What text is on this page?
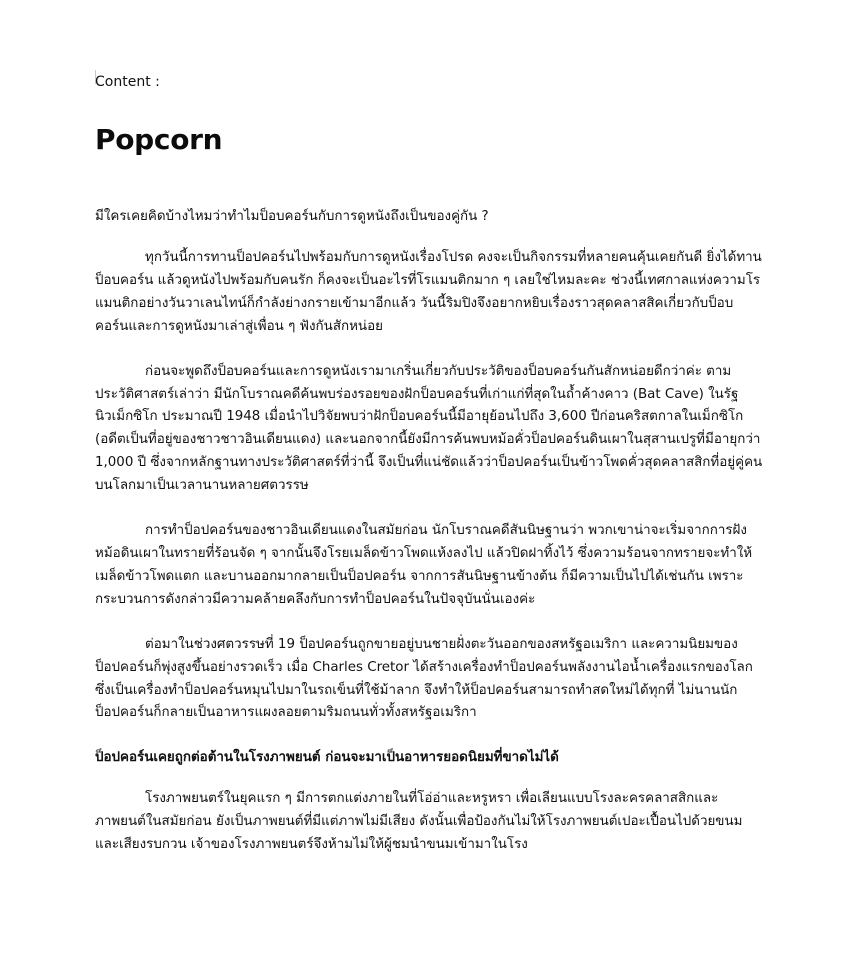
Content :
Popcorn

มีใครเคยคิดบ้างไหมว่าทำไมป็อบคอร์นกับการดูหนังถึงเป็นของคู่กัน ?

ทุกวันนี้การทานป็อปคอร์นไปพร้อมกับการดูหนังเรื่องโปรด คงจะเป็นกิจกรรมที่หลายคนคุ้นเคยกันดี ยิ่งได้ทานป็อบคอร์น แล้วดูหนังไปพร้อมกับคนรัก ก็คงจะเป็นอะไรที่โรแมนติกมาก ๆ เลยใช่ไหมละคะ ช่วงนี้เทศกาลแห่งความโรแมนติกอย่างวันวาเลนไทน์ก็กำลังย่างกรายเข้ามาอีกแล้ว วันนี้ริมปิงจึงอยากหยิบเรื่องราวสุดคลาสสิคเกี่ยวกับป็อบคอร์นและการดูหนังมาเล่าสู่เพื่อน ๆ ฟังกันสักหน่อย

ก่อนจะพูดถึงป็อบคอร์นและการดูหนังเรามาเกริ่นเกี่ยวกับประวัติของป็อบคอร์นกันสักหน่อยดีกว่าค่ะ ตามประวัติศาสตร์เล่าว่า มีนักโบราณคดีค้นพบร่องรอยของฝักป็อบคอร์นที่เก่าแก่ที่สุดในถ้ำค้างคาว (Bat Cave) ในรัฐนิวเม็กซิโก ประมาณปี 1948 เมื่อนำไปวิจัยพบว่าฝักป็อบคอร์นนี้มีอายุย้อนไปถึง 3,600 ปีก่อนคริสตกาลในเม็กซิโก (อดีตเป็นที่อยู่ของชาวชาวอินเดียนแดง) และนอกจากนี้ยังมีการค้นพบหม้อคั่วป็อปคอร์นดินเผาในสุสานเปรูที่มีอายุกว่า 1,000 ปี ซึ่งจากหลักฐานทางประวัติศาสตร์ที่ว่านี้ จึงเป็นที่แน่ชัดแล้วว่าป็อปคอร์นเป็นข้าวโพดคั่วสุดคลาสสิกที่อยู่คู่คนบนโลกมาเป็นเวลานานหลายศตวรรษ

การทำป็อปคอร์นของชาวอินเดียนแดงในสมัยก่อน นักโบราณคดีสันนิษฐานว่า พวกเขาน่าจะเริ่มจากการฝังหม้อดินเผาในทรายที่ร้อนจัด ๆ จากนั้นจึงโรยเมล็ดข้าวโพดแห้งลงไป แล้วปิดฝาทิ้งไว้ ซึ่งความร้อนจากทรายจะทำให้เมล็ดข้าวโพดแตก และบานออกมากลายเป็นป็อปคอร์น จากการสันนิษฐานข้างต้น ก็มีความเป็นไปได้เช่นกัน เพราะกระบวนการดังกล่าวมีความคล้ายคลึงกับการทำป็อปคอร์นในปัจจุบันนั่นเองค่ะ

ต่อมาในช่วงศตวรรษที่ 19 ป็อปคอร์นถูกขายอยู่บนชายฝั่งตะวันออกของสหรัฐอเมริกา และความนิยมของป็อปคอร์นก็พุ่งสูงขึ้นอย่างรวดเร็ว เมื่อ Charles Cretor ได้สร้างเครื่องทำป็อปคอร์นพลังงานไอน้ำเครื่องแรกของโลก ซึ่งเป็นเครื่องทำป็อปคอร์นหมุนไปมาในรถเข็นที่ใช้ม้าลาก จึงทำให้ป็อปคอร์นสามารถทำสดใหม่ได้ทุกที่ ไม่นานนัก ป็อปคอร์นก็กลายเป็นอาหารแผงลอยตามริมถนนทั่วทั้งสหรัฐอเมริกา

ป็อปคอร์นเคยถูกต่อต้านในโรงภาพยนต์ ก่อนจะมาเป็นอาหารยอดนิยมที่ขาดไม่ได้

โรงภาพยนตร์ในยุคแรก ๆ มีการตกแต่งภายในที่โอ่อ่าและหรูหรา เพื่อเลียนแบบโรงละครคลาสสิกและภาพยนต์ในสมัยก่อน ยังเป็นภาพยนต์ที่มีแต่ภาพไม่มีเสียง ดังนั้นเพื่อป้องกันไม่ให้โรงภาพยนต์เปอะเปื้อนไปด้วยขนม และเสียงรบกวน เจ้าของโรงภาพยนตร์จึงห้ามไม่ให้ผู้ชมนำขนมเข้ามาในโรง
